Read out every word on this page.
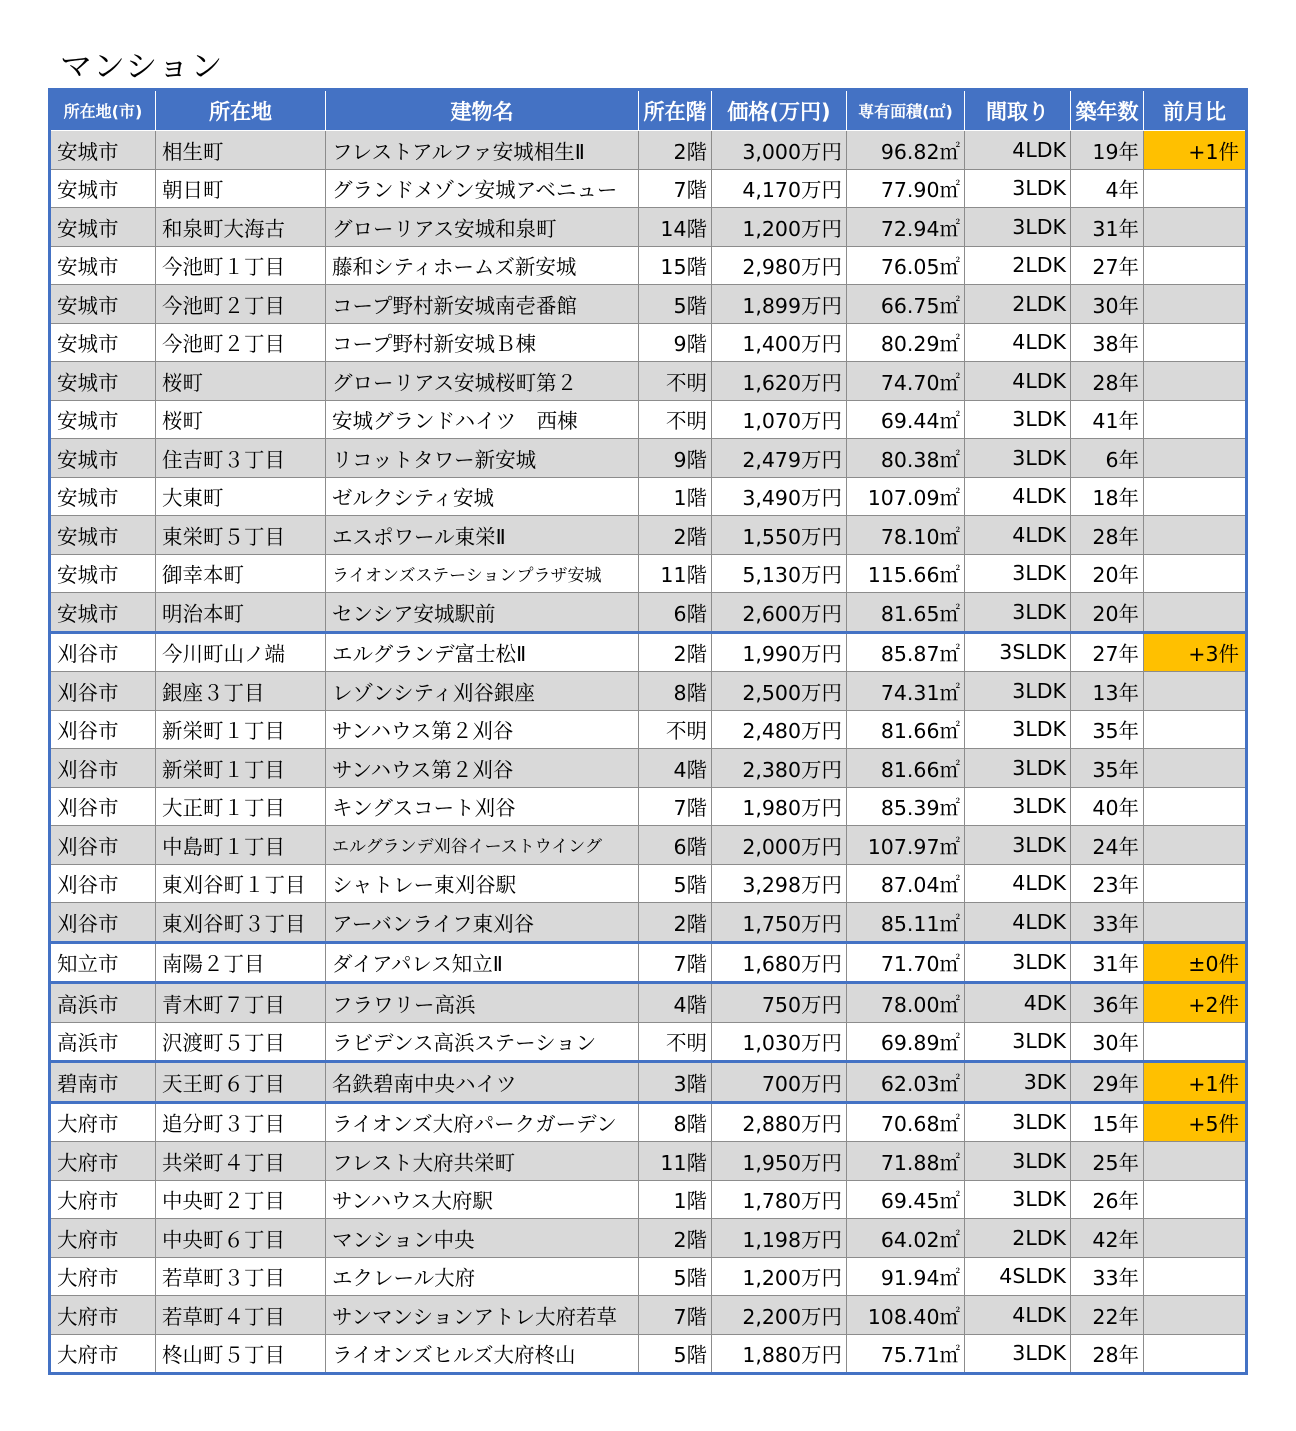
マンション
所在地(市)	所在地	建物名	所在階	価格(万円)	専有面積(㎡)	間取り	築年数	前月比
安城市	相生町	フレストアルファ安城相生Ⅱ	2階	3,000万円	96.82㎡	4LDK	19年	+1件
安城市	朝日町	グランドメゾン安城アベニュー	7階	4,170万円	77.90㎡	3LDK	4年	
安城市	和泉町大海古	グローリアス安城和泉町	14階	1,200万円	72.94㎡	3LDK	31年	
安城市	今池町１丁目	藤和シティホームズ新安城	15階	2,980万円	76.05㎡	2LDK	27年	
安城市	今池町２丁目	コープ野村新安城南壱番館	5階	1,899万円	66.75㎡	2LDK	30年	
安城市	今池町２丁目	コープ野村新安城Ｂ棟	9階	1,400万円	80.29㎡	4LDK	38年	
安城市	桜町	グローリアス安城桜町第２	不明	1,620万円	74.70㎡	4LDK	28年	
安城市	桜町	安城グランドハイツ　西棟	不明	1,070万円	69.44㎡	3LDK	41年	
安城市	住吉町３丁目	リコットタワー新安城	9階	2,479万円	80.38㎡	3LDK	6年	
安城市	大東町	ゼルクシティ安城	1階	3,490万円	107.09㎡	4LDK	18年	
安城市	東栄町５丁目	エスポワール東栄Ⅱ	2階	1,550万円	78.10㎡	4LDK	28年	
安城市	御幸本町	ライオンズステーションプラザ安城	11階	5,130万円	115.66㎡	3LDK	20年	
安城市	明治本町	センシア安城駅前	6階	2,600万円	81.65㎡	3LDK	20年	
刈谷市	今川町山ノ端	エルグランデ富士松Ⅱ	2階	1,990万円	85.87㎡	3SLDK	27年	+3件
刈谷市	銀座３丁目	レゾンシティ刈谷銀座	8階	2,500万円	74.31㎡	3LDK	13年	
刈谷市	新栄町１丁目	サンハウス第２刈谷	不明	2,480万円	81.66㎡	3LDK	35年	
刈谷市	新栄町１丁目	サンハウス第２刈谷	4階	2,380万円	81.66㎡	3LDK	35年	
刈谷市	大正町１丁目	キングスコート刈谷	7階	1,980万円	85.39㎡	3LDK	40年	
刈谷市	中島町１丁目	エルグランデ刈谷イーストウイング	6階	2,000万円	107.97㎡	3LDK	24年	
刈谷市	東刈谷町１丁目	シャトレー東刈谷駅	5階	3,298万円	87.04㎡	4LDK	23年	
刈谷市	東刈谷町３丁目	アーバンライフ東刈谷	2階	1,750万円	85.11㎡	4LDK	33年	
知立市	南陽２丁目	ダイアパレス知立Ⅱ	7階	1,680万円	71.70㎡	3LDK	31年	±0件
高浜市	青木町７丁目	フラワリー高浜	4階	750万円	78.00㎡	4DK	36年	+2件
高浜市	沢渡町５丁目	ラビデンス高浜ステーション	不明	1,030万円	69.89㎡	3LDK	30年	
碧南市	天王町６丁目	名鉄碧南中央ハイツ	3階	700万円	62.03㎡	3DK	29年	+1件
大府市	追分町３丁目	ライオンズ大府パークガーデン	8階	2,880万円	70.68㎡	3LDK	15年	+5件
大府市	共栄町４丁目	フレスト大府共栄町	11階	1,950万円	71.88㎡	3LDK	25年	
大府市	中央町２丁目	サンハウス大府駅	1階	1,780万円	69.45㎡	3LDK	26年	
大府市	中央町６丁目	マンション中央	2階	1,198万円	64.02㎡	2LDK	42年	
大府市	若草町３丁目	エクレール大府	5階	1,200万円	91.94㎡	4SLDK	33年	
大府市	若草町４丁目	サンマンションアトレ大府若草	7階	2,200万円	108.40㎡	4LDK	22年	
大府市	柊山町５丁目	ライオンズヒルズ大府柊山	5階	1,880万円	75.71㎡	3LDK	28年	
